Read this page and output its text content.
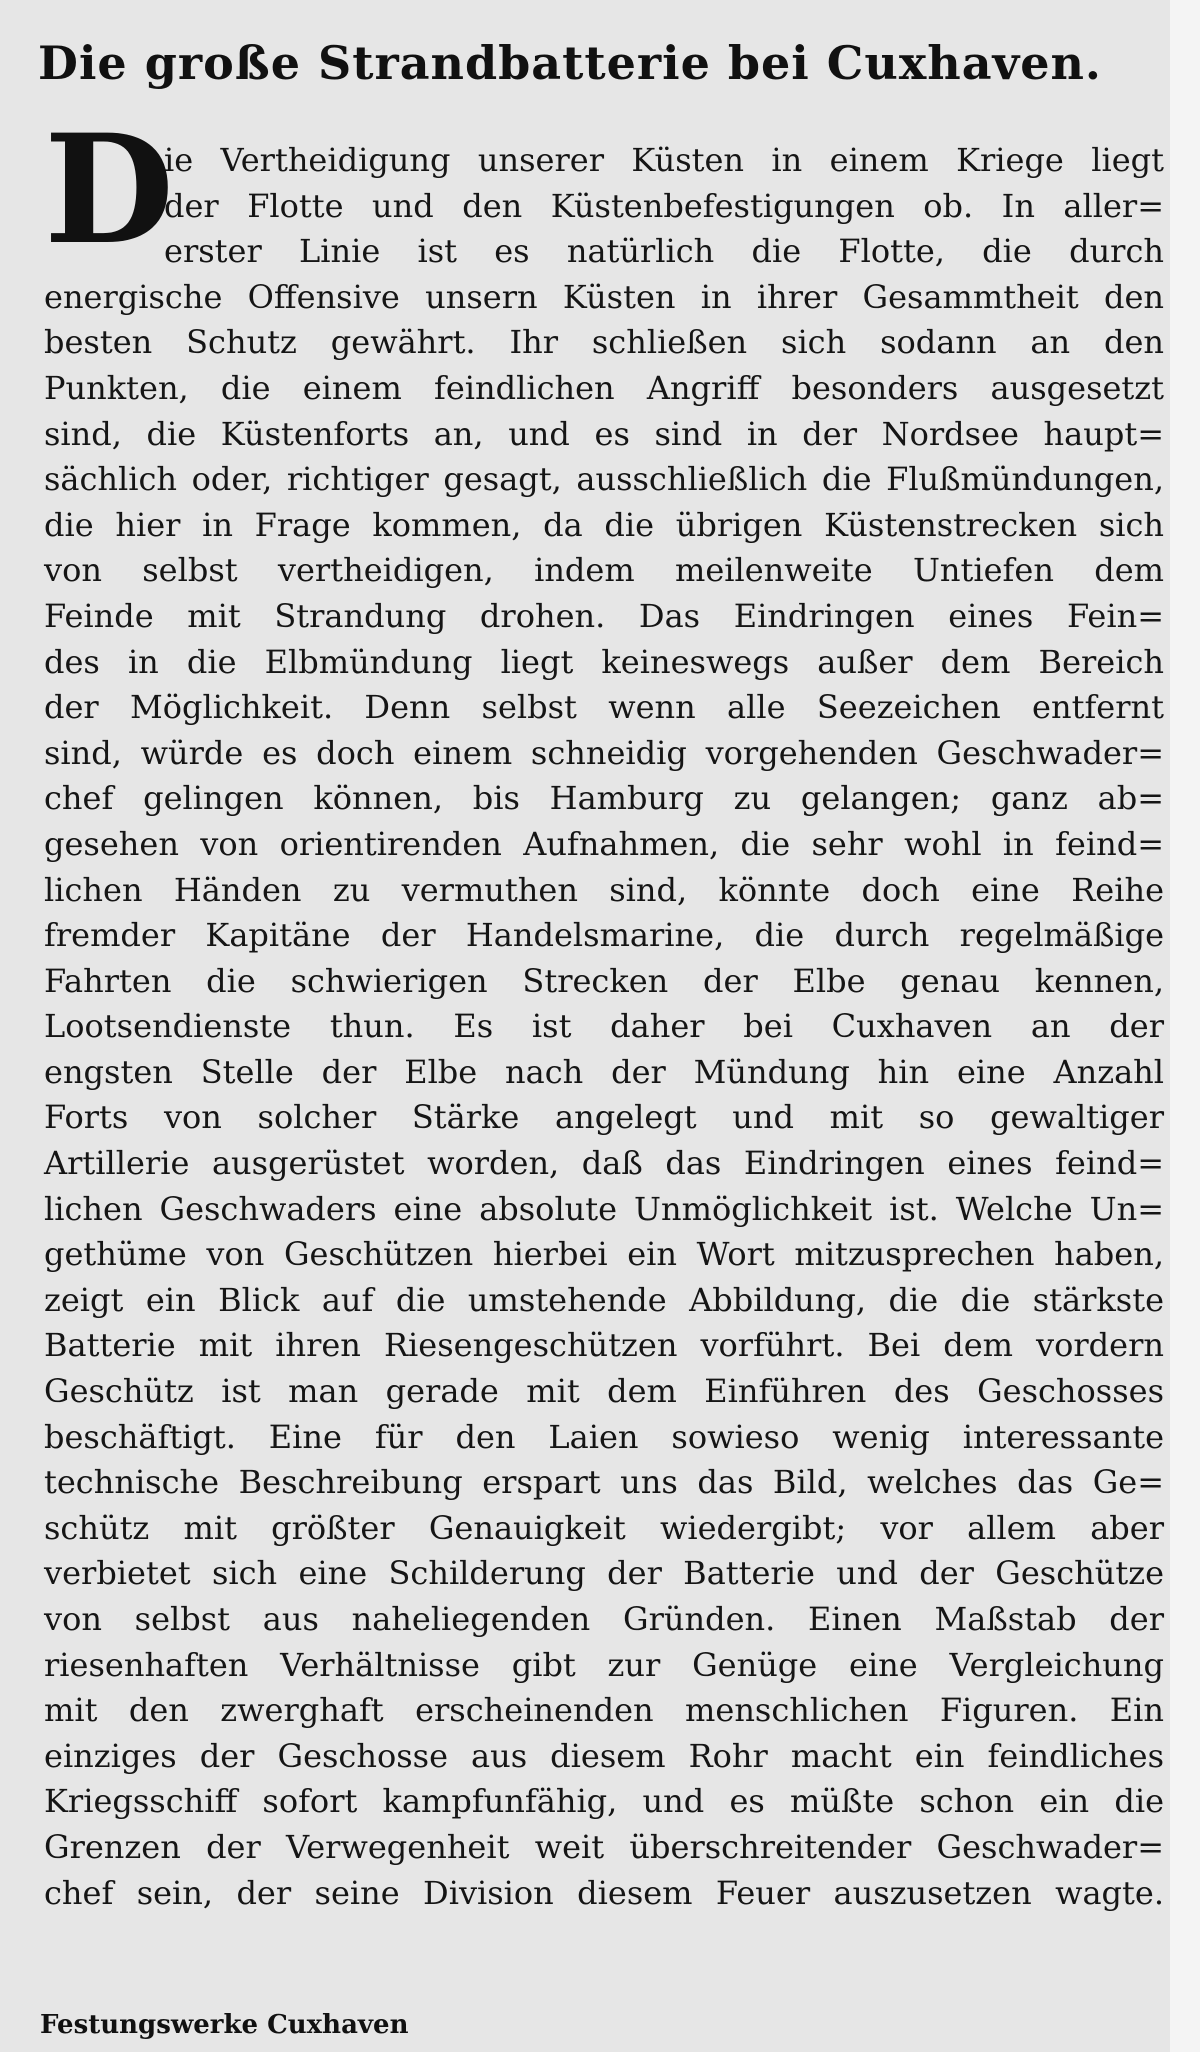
Die große Strandbatterie bei Cuxhaven.
D
ie Vertheidigung unserer Küsten in einem Kriege liegt
der Flotte und den Küstenbefestigungen ob. In aller=
erster Linie ist es natürlich die Flotte, die durch
energische Offensive unsern Küsten in ihrer Gesammtheit den
besten Schutz gewährt. Ihr schließen sich sodann an den
Punkten, die einem feindlichen Angriff besonders ausgesetzt
sind, die Küstenforts an, und es sind in der Nordsee haupt=
sächlich oder, richtiger gesagt, ausschließlich die Flußmündungen,
die hier in Frage kommen, da die übrigen Küstenstrecken sich
von selbst vertheidigen, indem meilenweite Untiefen dem
Feinde mit Strandung drohen. Das Eindringen eines Fein=
des in die Elbmündung liegt keineswegs außer dem Bereich
der Möglichkeit. Denn selbst wenn alle Seezeichen entfernt
sind, würde es doch einem schneidig vorgehenden Geschwader=
chef gelingen können, bis Hamburg zu gelangen; ganz ab=
gesehen von orientirenden Aufnahmen, die sehr wohl in feind=
lichen Händen zu vermuthen sind, könnte doch eine Reihe
fremder Kapitäne der Handelsmarine, die durch regelmäßige
Fahrten die schwierigen Strecken der Elbe genau kennen,
Lootsendienste thun. Es ist daher bei Cuxhaven an der
engsten Stelle der Elbe nach der Mündung hin eine Anzahl
Forts von solcher Stärke angelegt und mit so gewaltiger
Artillerie ausgerüstet worden, daß das Eindringen eines feind=
lichen Geschwaders eine absolute Unmöglichkeit ist. Welche Un=
gethüme von Geschützen hierbei ein Wort mitzusprechen haben,
zeigt ein Blick auf die umstehende Abbildung, die die stärkste
Batterie mit ihren Riesengeschützen vorführt. Bei dem vordern
Geschütz ist man gerade mit dem Einführen des Geschosses
beschäftigt. Eine für den Laien sowieso wenig interessante
technische Beschreibung erspart uns das Bild, welches das Ge=
schütz mit größter Genauigkeit wiedergibt; vor allem aber
verbietet sich eine Schilderung der Batterie und der Geschütze
von selbst aus naheliegenden Gründen. Einen Maßstab der
riesenhaften Verhältnisse gibt zur Genüge eine Vergleichung
mit den zwerghaft erscheinenden menschlichen Figuren. Ein
einziges der Geschosse aus diesem Rohr macht ein feindliches
Kriegsschiff sofort kampfunfähig, und es müßte schon ein die
Grenzen der Verwegenheit weit überschreitender Geschwader=
chef sein, der seine Division diesem Feuer auszusetzen wagte.
Festungswerke Cuxhaven
